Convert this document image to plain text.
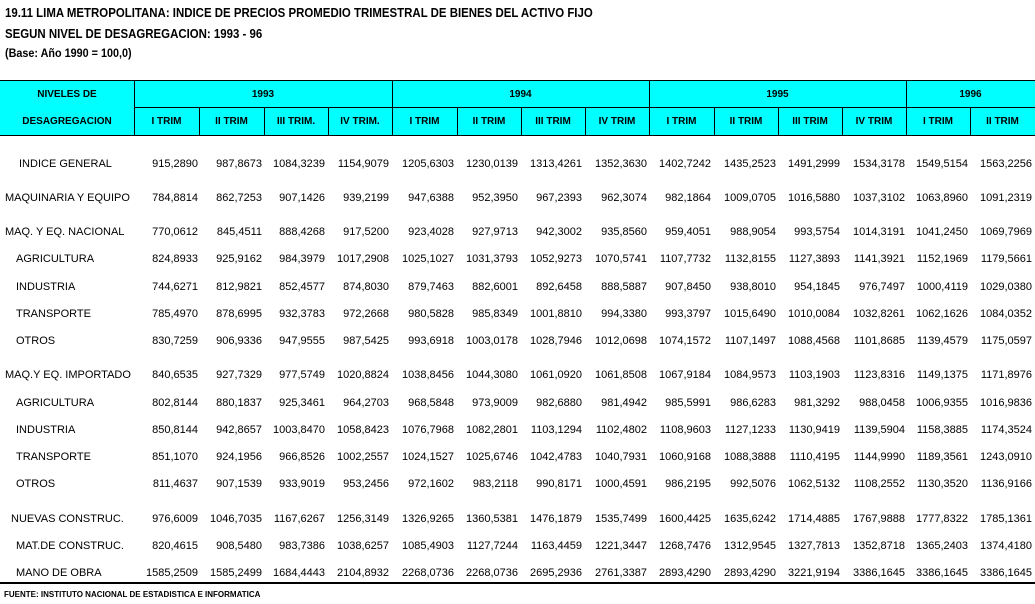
19.11 LIMA METROPOLITANA: INDICE DE PRECIOS PROMEDIO TRIMESTRAL DE BIENES DEL ACTIVO FIJO
SEGUN NIVEL DE DESAGREGACION: 1993 - 96
(Base: Año 1990 = 100,0)
NIVELES DE
DESAGREGACION
1993	1994	1995	1996
I TRIM	II TRIM	III TRIM.	IV TRIM.	I TRIM	II TRIM	III TRIM	IV TRIM	I TRIM	II TRIM	III TRIM	IV TRIM	I TRIM	II TRIM
INDICE GENERAL	915,2890	987,8673	1084,3239	1154,9079	1205,6303	1230,0139	1313,4261	1352,3630	1402,7242	1435,2523	1491,2999	1534,3178	1549,5154	1563,2256
MAQUINARIA Y EQUIPO	784,8814	862,7253	907,1426	939,2199	947,6388	952,3950	967,2393	962,3074	982,1864	1009,0705	1016,5880	1037,3102	1063,8960	1091,2319
MAQ. Y EQ. NACIONAL	770,0612	845,4511	888,4268	917,5200	923,4028	927,9713	942,3002	935,8560	959,4051	988,9054	993,5754	1014,3191	1041,2450	1069,7969
AGRICULTURA	824,8933	925,9162	984,3979	1017,2908	1025,1027	1031,3793	1052,9273	1070,5741	1107,7732	1132,8155	1127,3893	1141,3921	1152,1969	1179,5661
INDUSTRIA	744,6271	812,9821	852,4577	874,8030	879,7463	882,6001	892,6458	888,5887	907,8450	938,8010	954,1845	976,7497	1000,4119	1029,0380
TRANSPORTE	785,4970	878,6995	932,3783	972,2668	980,5828	985,8349	1001,8810	994,3380	993,3797	1015,6490	1010,0084	1032,8261	1062,1626	1084,0352
OTROS	830,7259	906,9336	947,9555	987,5425	993,6918	1003,0178	1028,7946	1012,0698	1074,1572	1107,1497	1088,4568	1101,8685	1139,4579	1175,0597
MAQ.Y EQ. IMPORTADO	840,6535	927,7329	977,5749	1020,8824	1038,8456	1044,3080	1061,0920	1061,8508	1067,9184	1084,9573	1103,1903	1123,8316	1149,1375	1171,8976
AGRICULTURA	802,8144	880,1837	925,3461	964,2703	968,5848	973,9009	982,6880	981,4942	985,5991	986,6283	981,3292	988,0458	1006,9355	1016,9836
INDUSTRIA	850,8144	942,8657	1003,8470	1058,8423	1076,7968	1082,2801	1103,1294	1102,4802	1108,9603	1127,1233	1130,9419	1139,5904	1158,3885	1174,3524
TRANSPORTE	851,1070	924,1956	966,8526	1002,2557	1024,1527	1025,6746	1042,4783	1040,7931	1060,9168	1088,3888	1110,4195	1144,9990	1189,3561	1243,0910
OTROS	811,4637	907,1539	933,9019	953,2456	972,1602	983,2118	990,8171	1000,4591	986,2195	992,5076	1062,5132	1108,2552	1130,3520	1136,9166
NUEVAS CONSTRUC.	976,6009	1046,7035	1167,6267	1256,3149	1326,9265	1360,5381	1476,1879	1535,7499	1600,4425	1635,6242	1714,4885	1767,9888	1777,8322	1785,1361
MAT.DE CONSTRUC.	820,4615	908,5480	983,7386	1038,6257	1085,4903	1127,7244	1163,4459	1221,3447	1268,7476	1312,9545	1327,7813	1352,8718	1365,2403	1374,4180
MANO DE OBRA	1585,2509	1585,2499	1684,4443	2104,8932	2268,0736	2268,0736	2695,2936	2761,3387	2893,4290	2893,4290	3221,9194	3386,1645	3386,1645	3386,1645
FUENTE: INSTITUTO NACIONAL DE ESTADISTICA E INFORMATICA
